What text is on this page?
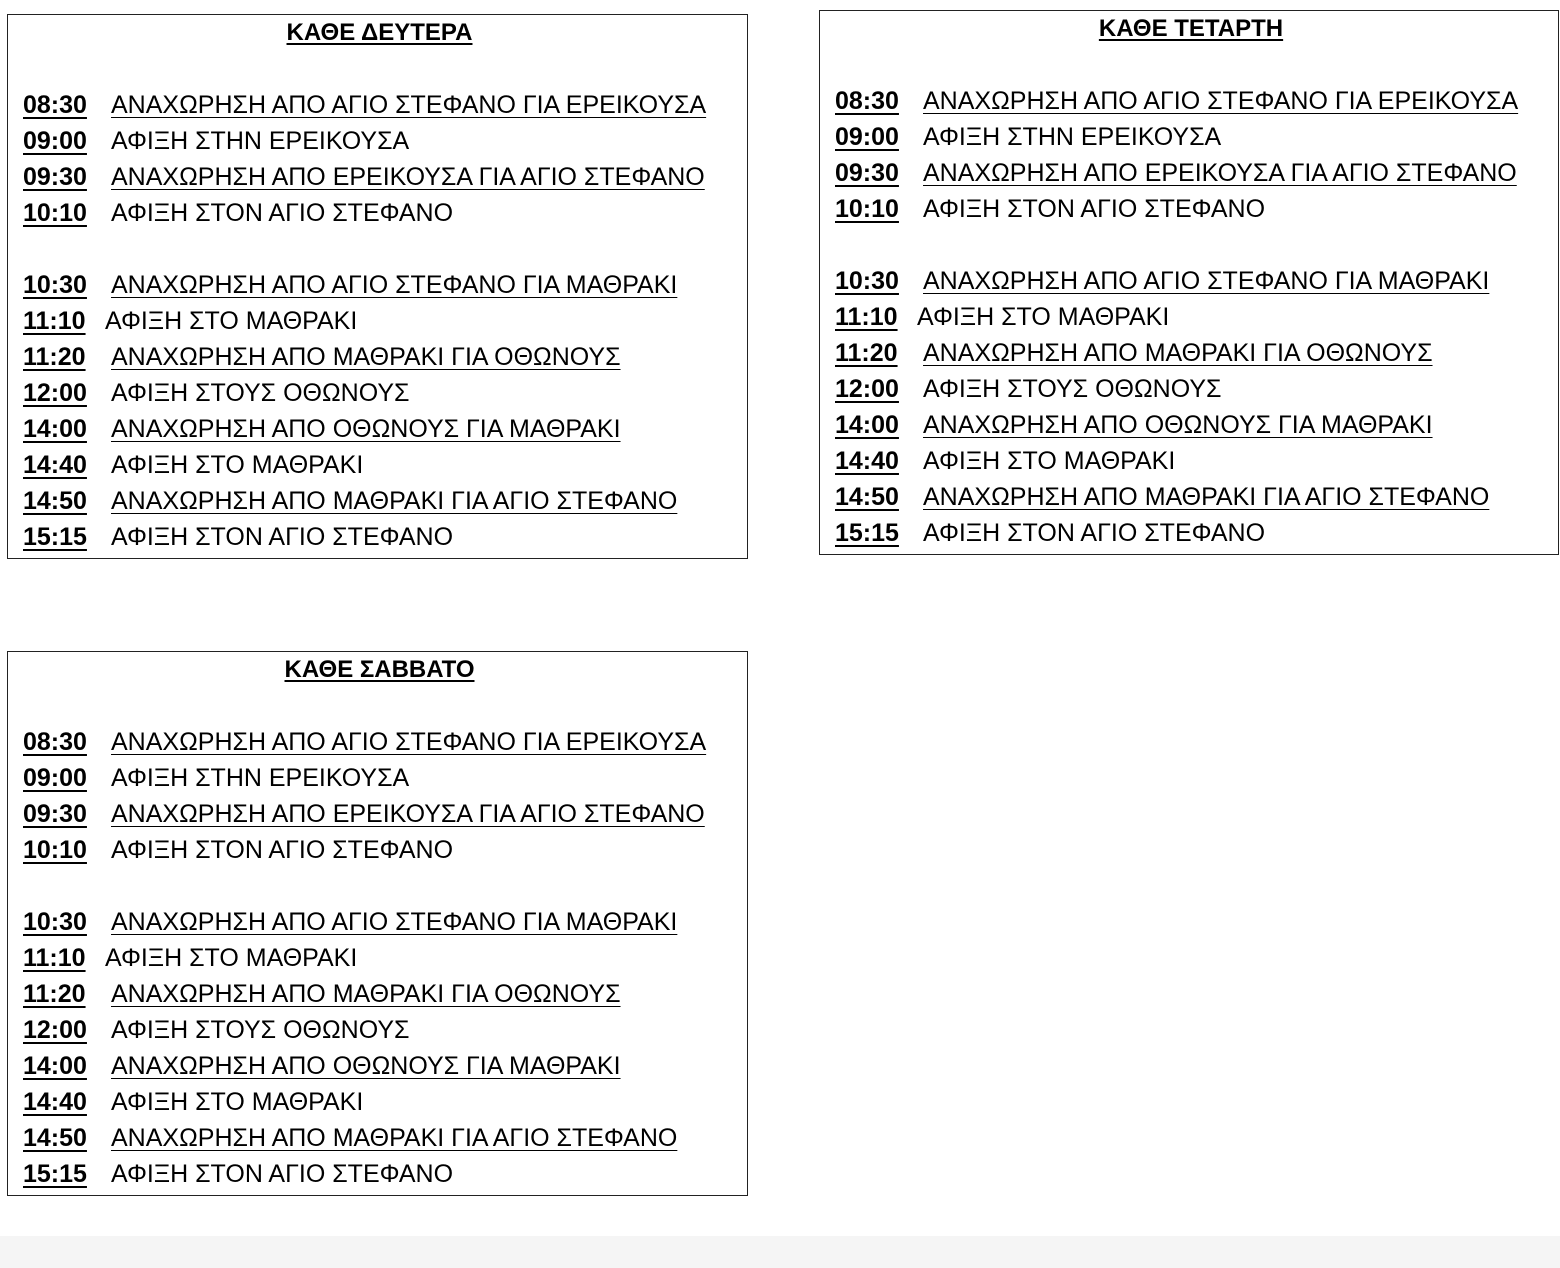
ΚΑΘΕ ΔΕΥΤΕΡΑ
08:30 ΑΝΑΧΩΡΗΣΗ ΑΠΟ ΑΓΙΟ ΣΤΕΦΑΝΟ ΓΙΑ ΕΡΕΙΚΟΥΣΑ
09:00 ΑΦΙΞΗ ΣΤΗΝ ΕΡΕΙΚΟΥΣΑ
09:30 ΑΝΑΧΩΡΗΣΗ ΑΠΟ ΕΡΕΙΚΟΥΣΑ ΓΙΑ ΑΓΙΟ ΣΤΕΦΑΝΟ
10:10 ΑΦΙΞΗ ΣΤΟΝ ΑΓΙΟ ΣΤΕΦΑΝΟ
10:30 ΑΝΑΧΩΡΗΣΗ ΑΠΟ ΑΓΙΟ ΣΤΕΦΑΝΟ ΓΙΑ ΜΑΘΡΑΚΙ
11:10 ΑΦΙΞΗ ΣΤΟ ΜΑΘΡΑΚΙ
11:20 ΑΝΑΧΩΡΗΣΗ ΑΠΟ ΜΑΘΡΑΚΙ ΓΙΑ ΟΘΩΝΟΥΣ
12:00 ΑΦΙΞΗ ΣΤΟΥΣ ΟΘΩΝΟΥΣ
14:00 ΑΝΑΧΩΡΗΣΗ ΑΠΟ ΟΘΩΝΟΥΣ ΓΙΑ ΜΑΘΡΑΚΙ
14:40 ΑΦΙΞΗ ΣΤΟ ΜΑΘΡΑΚΙ
14:50 ΑΝΑΧΩΡΗΣΗ ΑΠΟ ΜΑΘΡΑΚΙ ΓΙΑ ΑΓΙΟ ΣΤΕΦΑΝΟ
15:15 ΑΦΙΞΗ ΣΤΟΝ ΑΓΙΟ ΣΤΕΦΑΝΟ
ΚΑΘΕ ΤΕΤΑΡΤΗ
08:30 ΑΝΑΧΩΡΗΣΗ ΑΠΟ ΑΓΙΟ ΣΤΕΦΑΝΟ ΓΙΑ ΕΡΕΙΚΟΥΣΑ
09:00 ΑΦΙΞΗ ΣΤΗΝ ΕΡΕΙΚΟΥΣΑ
09:30 ΑΝΑΧΩΡΗΣΗ ΑΠΟ ΕΡΕΙΚΟΥΣΑ ΓΙΑ ΑΓΙΟ ΣΤΕΦΑΝΟ
10:10 ΑΦΙΞΗ ΣΤΟΝ ΑΓΙΟ ΣΤΕΦΑΝΟ
10:30 ΑΝΑΧΩΡΗΣΗ ΑΠΟ ΑΓΙΟ ΣΤΕΦΑΝΟ ΓΙΑ ΜΑΘΡΑΚΙ
11:10 ΑΦΙΞΗ ΣΤΟ ΜΑΘΡΑΚΙ
11:20 ΑΝΑΧΩΡΗΣΗ ΑΠΟ ΜΑΘΡΑΚΙ ΓΙΑ ΟΘΩΝΟΥΣ
12:00 ΑΦΙΞΗ ΣΤΟΥΣ ΟΘΩΝΟΥΣ
14:00 ΑΝΑΧΩΡΗΣΗ ΑΠΟ ΟΘΩΝΟΥΣ ΓΙΑ ΜΑΘΡΑΚΙ
14:40 ΑΦΙΞΗ ΣΤΟ ΜΑΘΡΑΚΙ
14:50 ΑΝΑΧΩΡΗΣΗ ΑΠΟ ΜΑΘΡΑΚΙ ΓΙΑ ΑΓΙΟ ΣΤΕΦΑΝΟ
15:15 ΑΦΙΞΗ ΣΤΟΝ ΑΓΙΟ ΣΤΕΦΑΝΟ
ΚΑΘΕ ΣΑΒΒΑΤΟ
08:30 ΑΝΑΧΩΡΗΣΗ ΑΠΟ ΑΓΙΟ ΣΤΕΦΑΝΟ ΓΙΑ ΕΡΕΙΚΟΥΣΑ
09:00 ΑΦΙΞΗ ΣΤΗΝ ΕΡΕΙΚΟΥΣΑ
09:30 ΑΝΑΧΩΡΗΣΗ ΑΠΟ ΕΡΕΙΚΟΥΣΑ ΓΙΑ ΑΓΙΟ ΣΤΕΦΑΝΟ
10:10 ΑΦΙΞΗ ΣΤΟΝ ΑΓΙΟ ΣΤΕΦΑΝΟ
10:30 ΑΝΑΧΩΡΗΣΗ ΑΠΟ ΑΓΙΟ ΣΤΕΦΑΝΟ ΓΙΑ ΜΑΘΡΑΚΙ
11:10 ΑΦΙΞΗ ΣΤΟ ΜΑΘΡΑΚΙ
11:20 ΑΝΑΧΩΡΗΣΗ ΑΠΟ ΜΑΘΡΑΚΙ ΓΙΑ ΟΘΩΝΟΥΣ
12:00 ΑΦΙΞΗ ΣΤΟΥΣ ΟΘΩΝΟΥΣ
14:00 ΑΝΑΧΩΡΗΣΗ ΑΠΟ ΟΘΩΝΟΥΣ ΓΙΑ ΜΑΘΡΑΚΙ
14:40 ΑΦΙΞΗ ΣΤΟ ΜΑΘΡΑΚΙ
14:50 ΑΝΑΧΩΡΗΣΗ ΑΠΟ ΜΑΘΡΑΚΙ ΓΙΑ ΑΓΙΟ ΣΤΕΦΑΝΟ
15:15 ΑΦΙΞΗ ΣΤΟΝ ΑΓΙΟ ΣΤΕΦΑΝΟ
